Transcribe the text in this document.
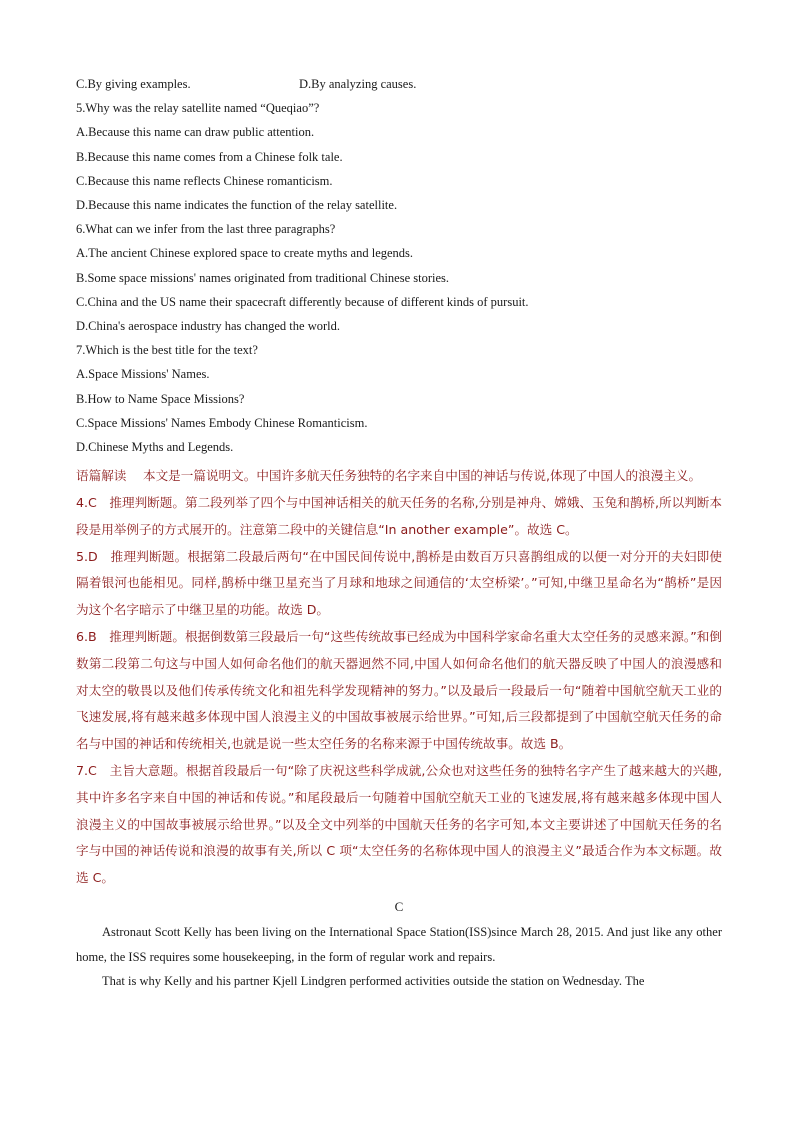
C.By giving examples.	D.By analyzing causes.
5.Why was the relay satellite named “Queqiao”?
A.Because this name can draw public attention.
B.Because this name comes from a Chinese folk tale.
C.Because this name reflects Chinese romanticism.
D.Because this name indicates the function of the relay satellite.
6.What can we infer from the last three paragraphs?
A.The ancient Chinese explored space to create myths and legends.
B.Some space missions' names originated from traditional Chinese stories.
C.China and the US name their spacecraft differently because of different kinds of pursuit.
D.China's aerospace industry has changed the world.
7.Which is the best title for the text?
A.Space Missions' Names.
B.How to Name Space Missions?
C.Space Missions' Names Embody Chinese Romanticism.
D.Chinese Myths and Legends.
语篇解读　 本文是一篇说明文。中国许多航天任务独特的名字来自中国的神话与传说,体现了中国人的浪漫主义。
4.C　推理判断题。第二段列举了四个与中国神话相关的航天任务的名称,分别是神舟、嫦娥、玉兔和鹊桥,所以判断本段是用举例子的方式展开的。注意第二段中的关键信息“In another example”。故选 C。
5.D　推理判断题。根据第二段最后两句“在中国民间传说中,鹊桥是由数百万只喜鹊组成的以便一对分开的夫妇即使隔着银河也能相见。同样,鹊桥中继卫星充当了月球和地球之间通信的‘太空桥梁’。”可知,中继卫星命名为“鹊桥”是因为这个名字暗示了中继卫星的功能。故选 D。
6.B　推理判断题。根据倒数第三段最后一句“这些传统故事已经成为中国科学家命名重大太空任务的灵感来源。”和倒数第二段第二句这与中国人如何命名他们的航天器迥然不同,中国人如何命名他们的航天器反映了中国人的浪漫感和对太空的敬畏以及他们传承传统文化和祖先科学发现精神的努力。”以及最后一段最后一句“随着中国航空航天工业的飞速发展,将有越来越多体现中国人浪漫主义的中国故事被展示给世界。”可知,后三段都提到了中国航空航天任务的命名与中国的神话和传统相关,也就是说一些太空任务的名称来源于中国传统故事。故选 B。
7.C　主旨大意题。根据首段最后一句“除了庆祝这些科学成就,公众也对这些任务的独特名字产生了越来越大的兴趣,其中许多名字来自中国的神话和传说。”和尾段最后一句随着中国航空航天工业的飞速发展,将有越来越多体现中国人浪漫主义的中国故事被展示给世界。”以及全文中列举的中国航天任务的名字可知,本文主要讲述了中国航天任务的名字与中国的神话传说和浪漫的故事有关,所以 C 项“太空任务的名称体现中国人的浪漫主义”最适合作为本文标题。故选 C。
C
Astronaut Scott Kelly has been living on the International Space Station(ISS)since March 28, 2015. And just like any other home, the ISS requires some housekeeping, in the form of regular work and repairs.
That is why Kelly and his partner Kjell Lindgren performed activities outside the station on Wednesday. The
